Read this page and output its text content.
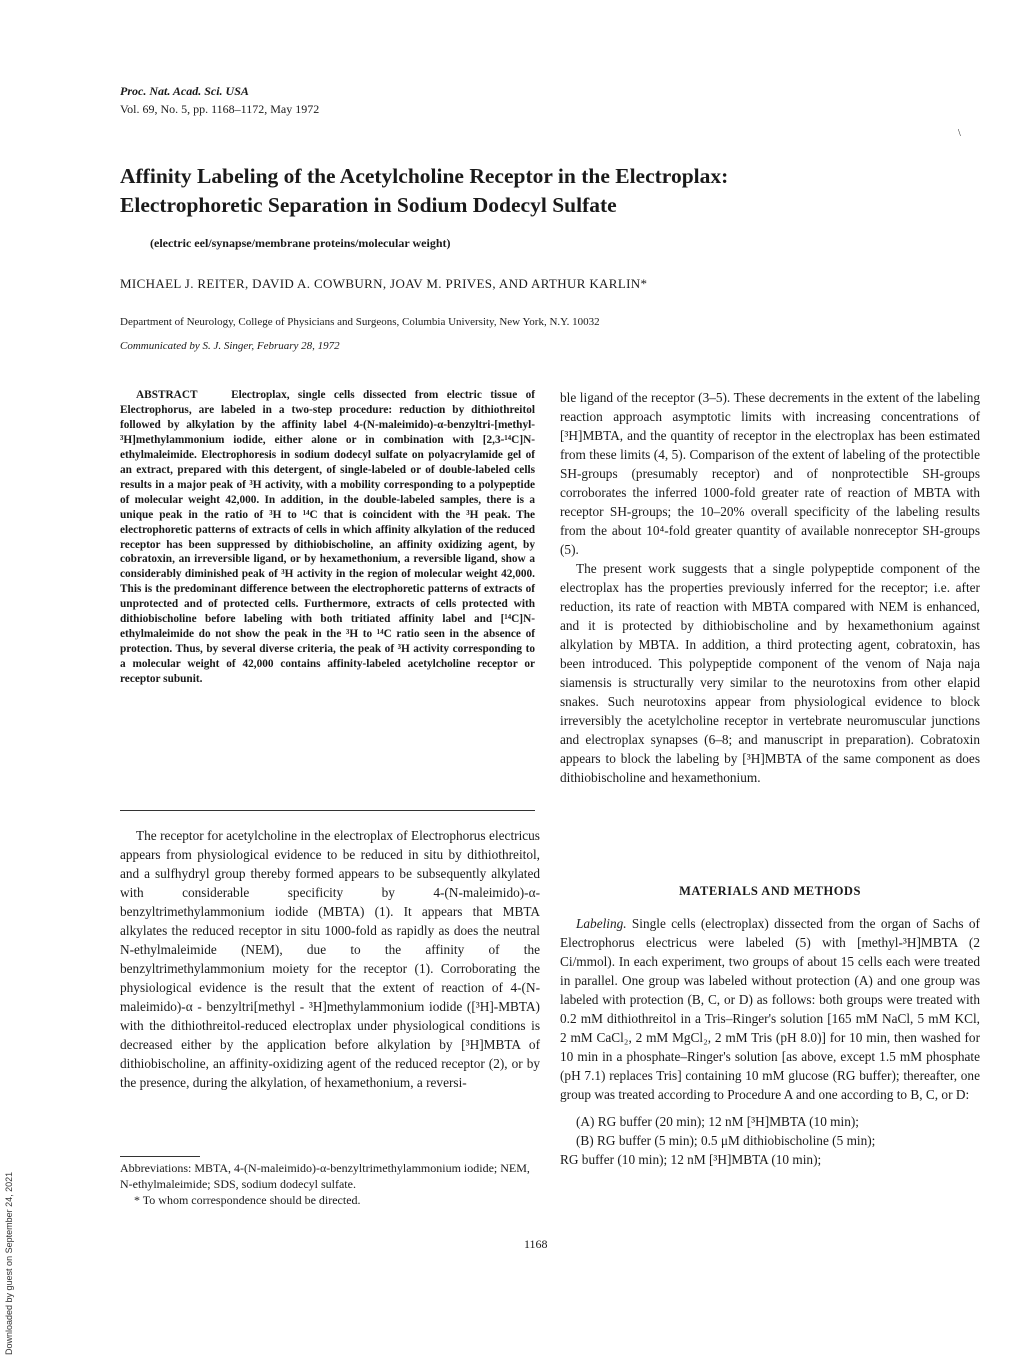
Proc. Nat. Acad. Sci. USA
Vol. 69, No. 5, pp. 1168–1172, May 1972
\
Affinity Labeling of the Acetylcholine Receptor in the Electroplax:
Electrophoretic Separation in Sodium Dodecyl Sulfate
(electric eel/synapse/membrane proteins/molecular weight)
MICHAEL J. REITER, DAVID A. COWBURN, JOAV M. PRIVES, AND ARTHUR KARLIN*
Department of Neurology, College of Physicians and Surgeons, Columbia University, New York, N.Y. 10032
Communicated by S. J. Singer, February 28, 1972
ABSTRACT	Electroplax, single cells dissected from electric tissue of Electrophorus, are labeled in a two-step procedure: reduction by dithiothreitol followed by alkylation by the affinity label 4-(N-maleimido)-α-benzyltri-[methyl-³H]methylammonium iodide, either alone or in combination with [2,3-¹⁴C]N-ethylmaleimide. Electrophoresis in sodium dodecyl sulfate on polyacrylamide gel of an extract, prepared with this detergent, of single-labeled or of double-labeled cells results in a major peak of ³H activity, with a mobility corresponding to a polypeptide of molecular weight 42,000. In addition, in the double-labeled samples, there is a unique peak in the ratio of ³H to ¹⁴C that is coincident with the ³H peak. The electrophoretic patterns of extracts of cells in which affinity alkylation of the reduced receptor has been suppressed by dithiobischoline, an affinity oxidizing agent, by cobratoxin, an irreversible ligand, or by hexamethonium, a reversible ligand, show a considerably diminished peak of ³H activity in the region of molecular weight 42,000. This is the predominant difference between the electrophoretic patterns of extracts of unprotected and of protected cells. Furthermore, extracts of cells protected with dithiobischoline before labeling with both tritiated affinity label and [¹⁴C]N-ethylmaleimide do not show the peak in the ³H to ¹⁴C ratio seen in the absence of protection. Thus, by several diverse criteria, the peak of ³H activity corresponding to a molecular weight of 42,000 contains affinity-labeled acetylcholine receptor or receptor subunit.

The receptor for acetylcholine in the electroplax of Electrophorus electricus appears from physiological evidence to be reduced in situ by dithiothreitol, and a sulfhydryl group thereby formed appears to be subsequently alkylated with considerable specificity by 4-(N-maleimido)-α-benzyltrimethylammonium iodide (MBTA) (1). It appears that MBTA alkylates the reduced receptor in situ 1000-fold as rapidly as does the neutral N-ethylmaleimide (NEM), due to the affinity of the benzyltrimethylammonium moiety for the receptor (1). Corroborating the physiological evidence is the result that the extent of reaction of 4-(N-maleimido)-α - benzyltri[methyl - ³H]methylammonium iodide ([³H]-MBTA) with the dithiothreitol-reduced electroplax under physiological conditions is decreased either by the application before alkylation by [³H]MBTA of dithiobischoline, an affinity-oxidizing agent of the reduced receptor (2), or by the presence, during the alkylation, of hexamethonium, a reversi-

Abbreviations: MBTA, 4-(N-maleimido)-α-benzyltrimethylammonium iodide; NEM, N-ethylmaleimide; SDS, sodium dodecyl sulfate.

* To whom correspondence should be directed.

ble ligand of the receptor (3–5). These decrements in the extent of the labeling reaction approach asymptotic limits with increasing concentrations of [³H]MBTA, and the quantity of receptor in the electroplax has been estimated from these limits (4, 5). Comparison of the extent of labeling of the protectible SH-groups (presumably receptor) and of nonprotectible SH-groups corroborates the inferred 1000-fold greater rate of reaction of MBTA with receptor SH-groups; the 10–20% overall specificity of the labeling results from the about 10⁴-fold greater quantity of available nonreceptor SH-groups (5).

The present work suggests that a single polypeptide component of the electroplax has the properties previously inferred for the receptor; i.e. after reduction, its rate of reaction with MBTA compared with NEM is enhanced, and it is protected by dithiobischoline and by hexamethonium against alkylation by MBTA. In addition, a third protecting agent, cobratoxin, has been introduced. This polypeptide component of the venom of Naja naja siamensis is structurally very similar to the neurotoxins from other elapid snakes. Such neurotoxins appear from physiological evidence to block irreversibly the acetylcholine receptor in vertebrate neuromuscular junctions and electroplax synapses (6–8; and manuscript in preparation). Cobratoxin appears to block the labeling by [³H]MBTA of the same component as does dithiobischoline and hexamethonium.

MATERIALS AND METHODS

Labeling. Single cells (electroplax) dissected from the organ of Sachs of Electrophorus electricus were labeled (5) with [methyl-³H]MBTA (2 Ci/mmol). In each experiment, two groups of about 15 cells each were treated in parallel. One group was labeled without protection (A) and one group was labeled with protection (B, C, or D) as follows: both groups were treated with 0.2 mM dithiothreitol in a Tris–Ringer's solution [165 mM NaCl, 5 mM KCl, 2 mM CaCl₂, 2 mM MgCl₂, 2 mM Tris (pH 8.0)] for 10 min, then washed for 10 min in a phosphate–Ringer's solution [as above, except 1.5 mM phosphate (pH 7.1) replaces Tris] containing 10 mM glucose (RG buffer); thereafter, one group was treated according to Procedure A and one according to B, C, or D:

(A) RG buffer (20 min); 12 nM [³H]MBTA (10 min);

(B) RG buffer (5 min); 0.5 μM dithiobischoline (5 min);

RG buffer (10 min); 12 nM [³H]MBTA (10 min);

1168
Downloaded by guest on September 24, 2021
